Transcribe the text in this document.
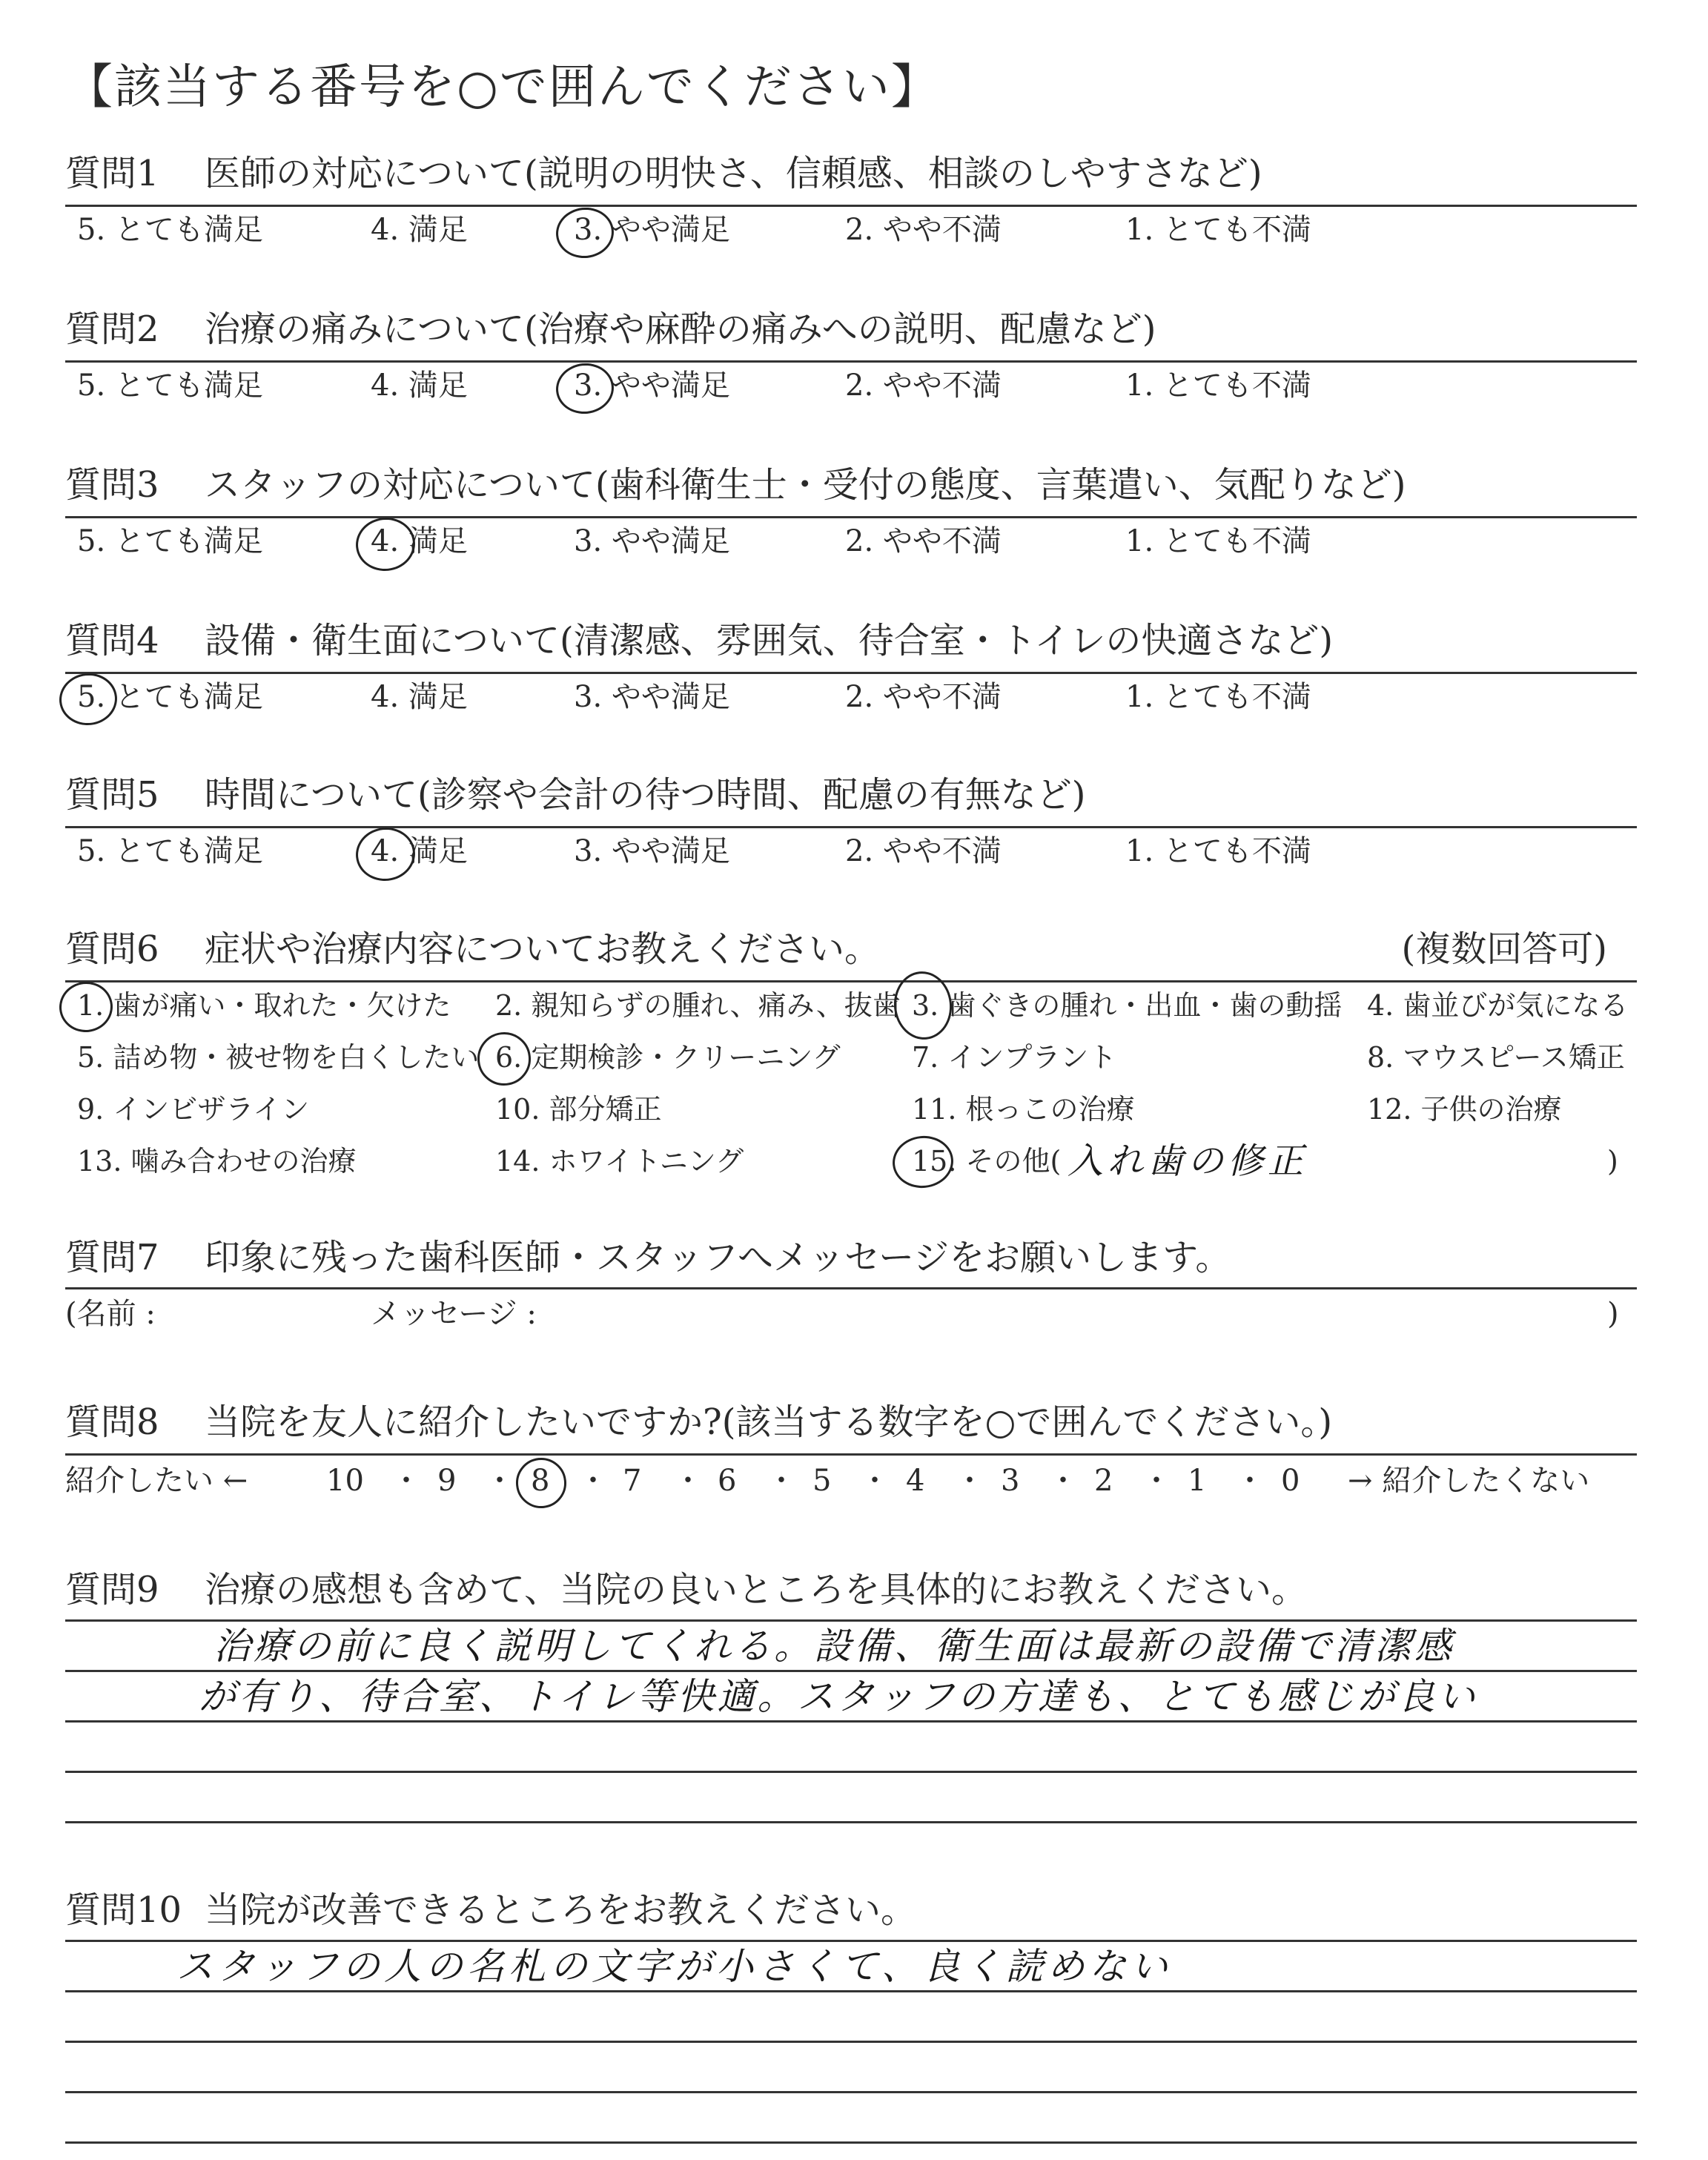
【該当する番号を○で囲んでください】
質問1 医師の対応について(説明の明快さ、信頼感、相談のしやすさなど)
5. とても満足	4. 満足	3. やや満足	2. やや不満	1. とても不満
質問2 治療の痛みについて(治療や麻酔の痛みへの説明、配慮など)
5. とても満足	4. 満足	3. やや満足	2. やや不満	1. とても不満
質問3 スタッフの対応について(歯科衛生士・受付の態度、言葉遣い、気配りなど)
5. とても満足	4. 満足	3. やや満足	2. やや不満	1. とても不満
質問4 設備・衛生面について(清潔感、雰囲気、待合室・トイレの快適さなど)
5. とても満足	4. 満足	3. やや満足	2. やや不満	1. とても不満
質問5 時間について(診察や会計の待つ時間、配慮の有無など)
5. とても満足	4. 満足	3. やや満足	2. やや不満	1. とても不満
質問6 症状や治療内容についてお教えください。	(複数回答可)
1. 歯が痛い・取れた・欠けた 2. 親知らずの腫れ、痛み、抜歯 3. 歯ぐきの腫れ・出血・歯の動揺 4. 歯並びが気になる
5. 詰め物・被せ物を白くしたい 6. 定期検診・クリーニング	7. インプラント	8. マウスピース矯正
9. インビザライン	10. 部分矯正	11. 根っこの治療	12. 子供の治療
13. 噛み合わせの治療	14. ホワイトニング	15. その他( 入れ歯の修正	)
質問7 印象に残った歯科医師・スタッフへメッセージをお願いします。
(名前 :	メッセージ :	)
質問8 当院を友人に紹介したいですか?(該当する数字を○で囲んでください。)
紹介したい ←	10 ・ 9 ・ 8 ・ 7 ・ 6 ・ 5 ・ 4 ・ 3 ・ 2 ・ 1 ・ 0 → 紹介したくない
質問9 治療の感想も含めて、当院の良いところを具体的にお教えください。
治療の前に良く説明してくれる。設備、衛生面は最新の設備で清潔感
が有り、待合室、トイレ等快適。スタッフの方達も、とても感じが良い
質問10 当院が改善できるところをお教えください。
スタッフの人の名札の文字が小さくて、良く読めない
